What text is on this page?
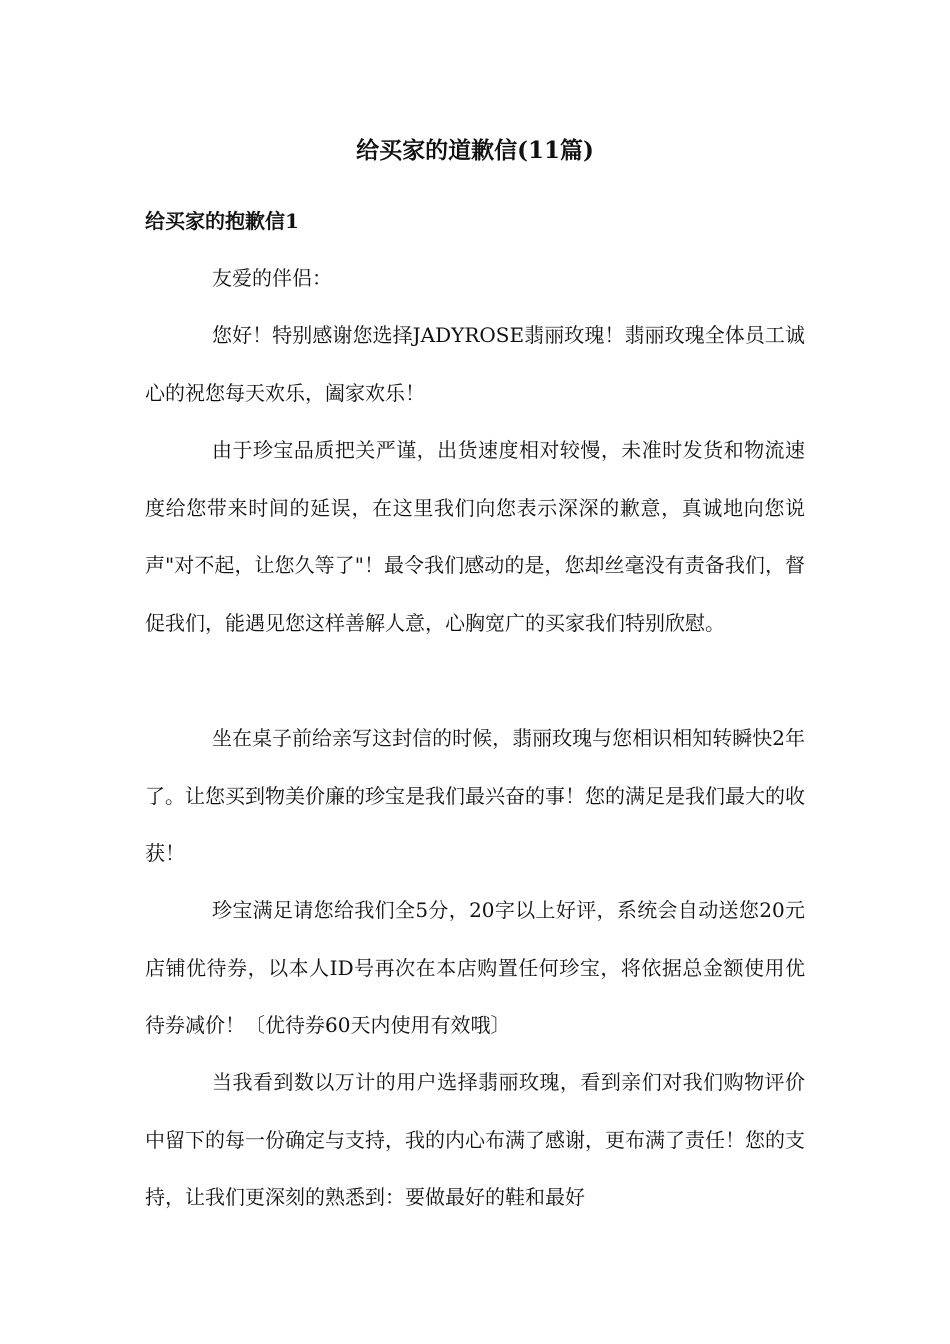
给买家的道歉信(11篇)
给买家的抱歉信1

友爱的伴侣：

您好！特别感谢您选择JADYROSE翡丽玫瑰！翡丽玫瑰全体员工诚心的祝您每天欢乐，阖家欢乐！

由于珍宝品质把关严谨，出货速度相对较慢，未准时发货和物流速度给您带来时间的延误，在这里我们向您表示深深的歉意，真诚地向您说声"对不起，让您久等了"！最令我们感动的是，您却丝毫没有责备我们，督促我们，能遇见您这样善解人意，心胸宽广的买家我们特别欣慰。

坐在桌子前给亲写这封信的时候，翡丽玫瑰与您相识相知转瞬快2年了。让您买到物美价廉的珍宝是我们最兴奋的事！您的满足是我们最大的收获！

珍宝满足请您给我们全5分，20字以上好评，系统会自动送您20元店铺优待券，以本人ID号再次在本店购置任何珍宝，将依据总金额使用优待券减价！〔优待券60天内使用有效哦〕

当我看到数以万计的用户选择翡丽玫瑰，看到亲们对我们购物评价中留下的每一份确定与支持，我的内心布满了感谢，更布满了责任！您的支持，让我们更深刻的熟悉到：要做最好的鞋和最好
